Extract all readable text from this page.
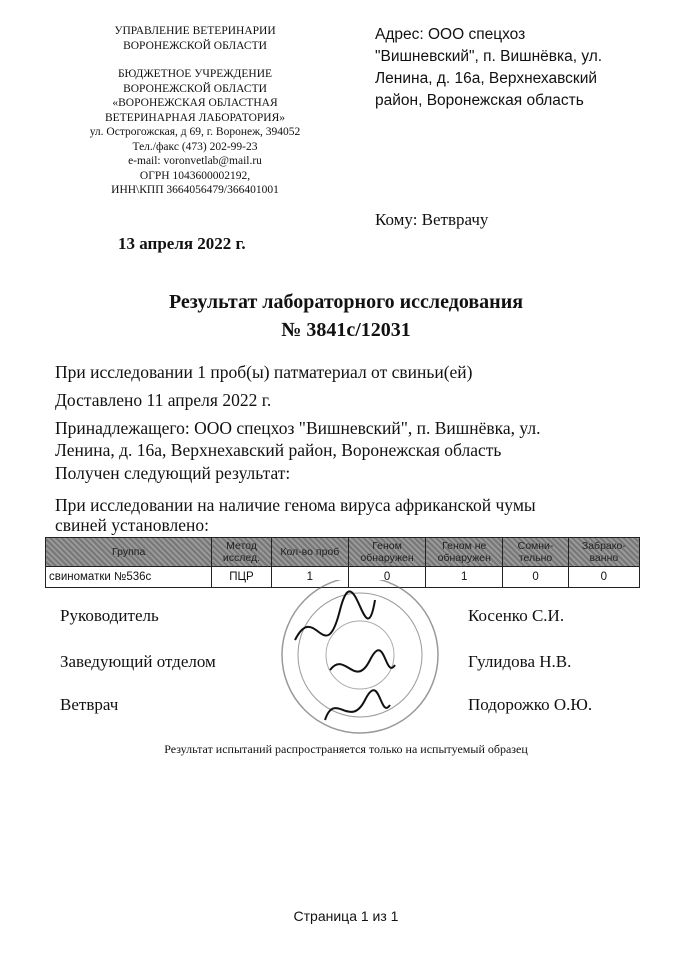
УПРАВЛЕНИЕ ВЕТЕРИНАРИИ
ВОРОНЕЖСКОЙ ОБЛАСТИ
БЮДЖЕТНОЕ УЧРЕЖДЕНИЕ
ВОРОНЕЖСКОЙ ОБЛАСТИ
«ВОРОНЕЖСКАЯ ОБЛАСТНАЯ
ВЕТЕРИНАРНАЯ ЛАБОРАТОРИЯ»
ул. Острогожская, д 69, г. Воронеж, 394052
Тел./факс (473) 202-99-23
e-mail: voronvetlab@mail.ru
ОГРН 1043600002192,
ИНН\КПП 3664056479/366401001
Адрес: ООО спецхоз
"Вишневский", п. Вишнёвка, ул.
Ленина, д. 16а, Верхнехавский
район, Воронежская область
Кому: Ветврачу
13 апреля 2022 г.
Результат лабораторного исследования
№ 3841с/12031
При исследовании 1 проб(ы) патматериал от свиньи(ей)
Доставлено 11 апреля 2022 г.
Принадлежащего: ООО спецхоз "Вишневский", п. Вишнёвка, ул.
Ленина, д. 16а, Верхнехавский район, Воронежская область
Получен следующий результат:
При исследовании на наличие генома вируса африканской чумы
свиней установлено:
Группа	Метод исслед.	Кол-во проб	Геном обнаружен	Геном не обнаружен	Сомни-тельно	Забрако-ванно
свиноматки №536с	ПЦР	1	0	1	0	0
Руководитель	Косенко С.И.
Заведующий отделом	Гулидова Н.В.
Ветврач	Подорожко О.Ю.
Результат испытаний распространяется только на испытуемый образец
Страница 1 из 1
